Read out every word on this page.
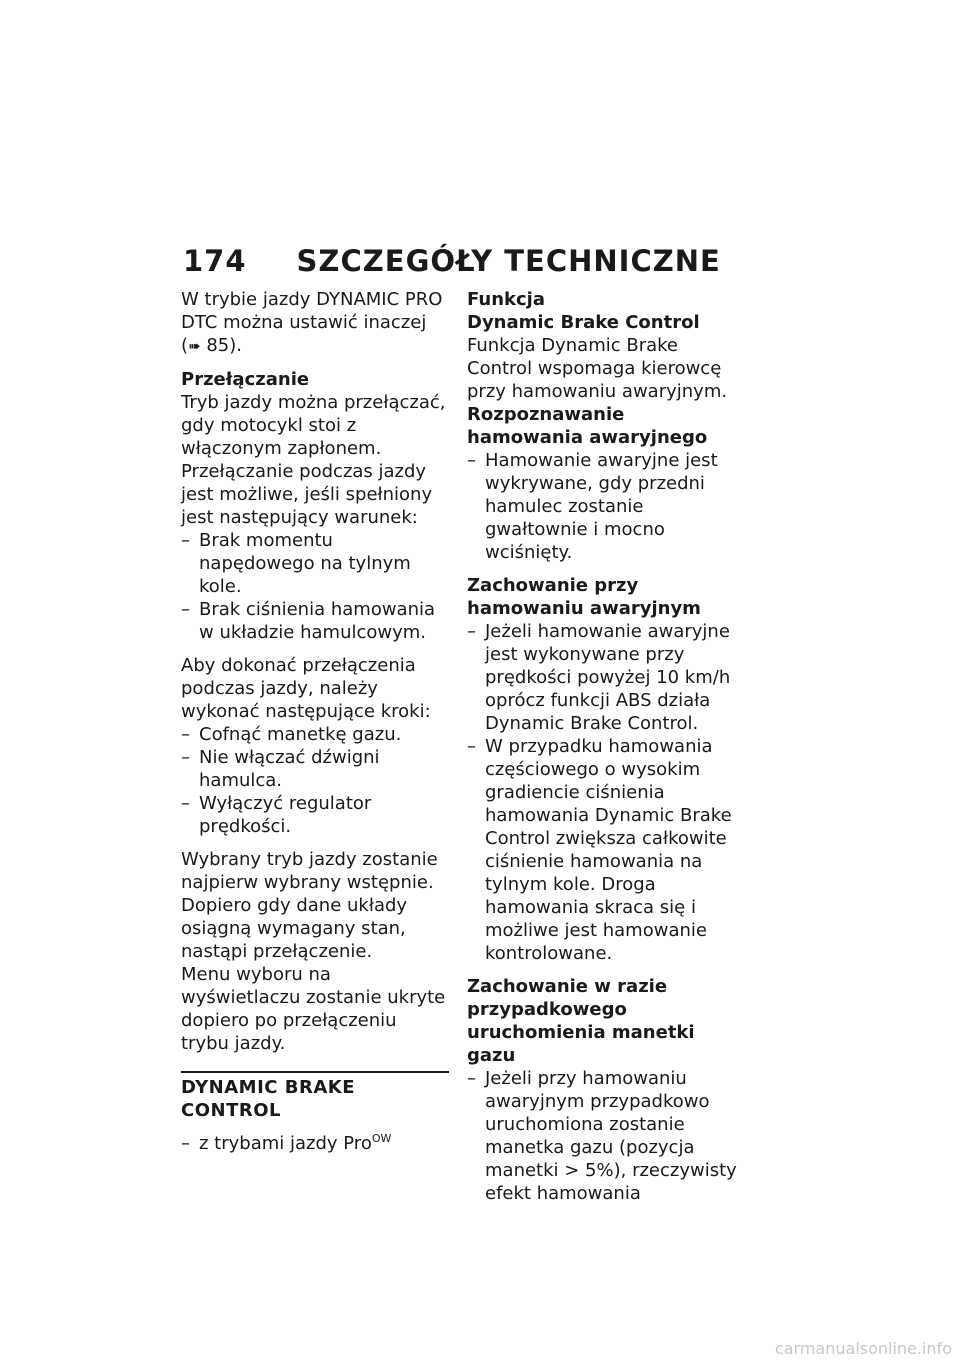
174 SZCZEGÓŁY TECHNICZNE

W trybie jazdy DYNAMIC PRO DTC można ustawić inaczej
(➠ 85).

Przełączanie

Tryb jazdy można przełączać, gdy motocykl stoi z włączonym zapłonem. Przełączanie podczas jazdy jest możliwe, jeśli spełniony jest następujący warunek:

– Brak momentu napędowego na tylnym kole.
– Brak ciśnienia hamowania w układzie hamulcowym.

Aby dokonać przełączenia podczas jazdy, należy wykonać następujące kroki:

– Cofnąć manetkę gazu.
– Nie włączać dźwigni hamulca.
– Wyłączyć regulator prędkości.

Wybrany tryb jazdy zostanie najpierw wybrany wstępnie. Dopiero gdy dane układy osiągną wymagany stan, nastąpi przełączenie.

Menu wyboru na wyświetlaczu zostanie ukryte dopiero po przełączeniu trybu jazdy.

DYNAMIC BRAKE CONTROL

– z trybami jazdy Pro$^{OW}$

Funkcja

Dynamic Brake Control

Funkcja Dynamic Brake Control wspomaga kierowcę przy hamowaniu awaryjnym.

Rozpoznawanie hamowania awaryjnego

– Hamowanie awaryjne jest wykrywane, gdy przedni hamulec zostanie gwałtownie i mocno wciśnięty.

Zachowanie przy hamowaniu awaryjnym

– Jeżeli hamowanie awaryjne jest wykonywane przy prędkości powyżej 10 km/h oprócz funkcji ABS działa Dynamic Brake Control.
– W przypadku hamowania częściowego o wysokim gradiencie ciśnienia hamowania Dynamic Brake Control zwiększa całkowite ciśnienie hamowania na tylnym kole. Droga hamowania skraca się i możliwe jest hamowanie kontrolowane.

Zachowanie w razie przypadkowego uruchomienia manetki gazu

– Jeżeli przy hamowaniu awaryjnym przypadkowo uruchomiona zostanie manetka gazu (pozycja manetki > 5%), rzeczywisty efekt hamowania
carmanualsonline.info
